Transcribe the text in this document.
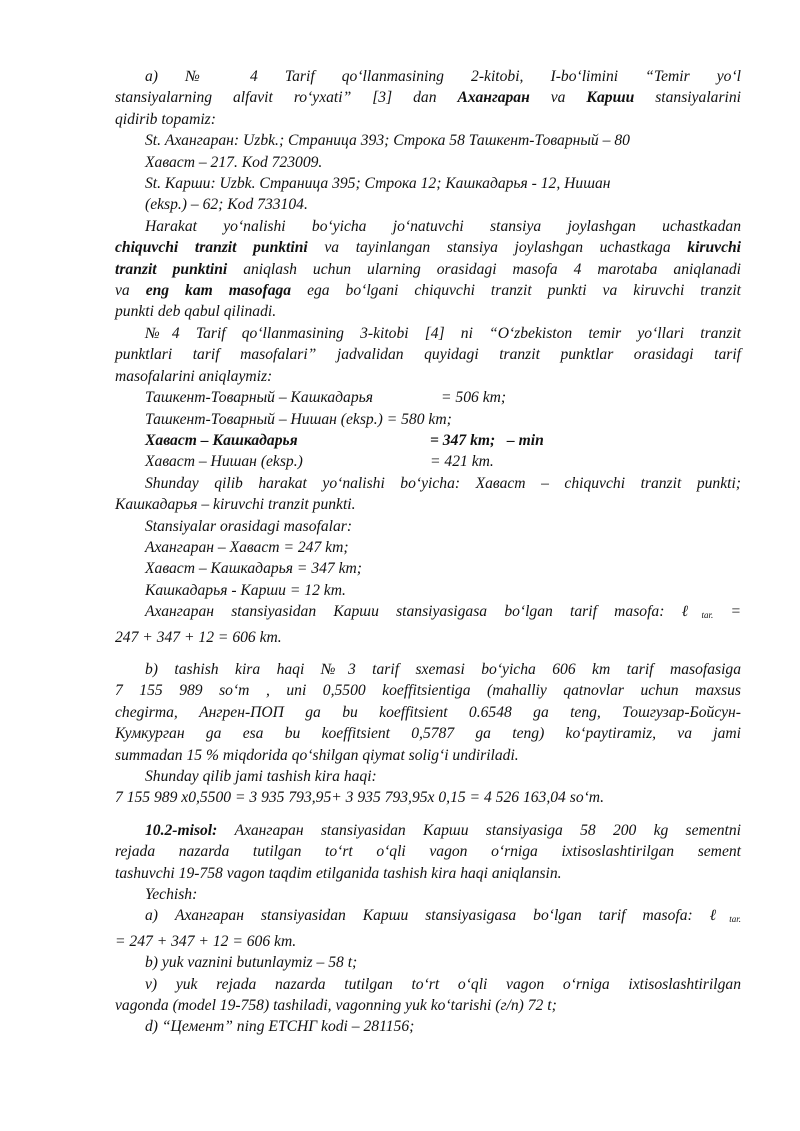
a) № 4 Tarif qo‘llanmasining 2-kitobi, I-bo‘limini “Temir yo‘l

stansiyalarning alfavit ro‘yxati” [3] dan Ахангаран va Карши stansiyalarini

qidirib topamiz:

St. Ахангаран: Uzbk.; Страница 393; Строка 58 Ташкент-Товарный – 80

Хаваст – 217. Kod 723009.

St. Карши: Uzbk. Страница 395; Строка 12; Кашкадарья - 12, Нишан

(eksp.) – 62; Kod 733104.

Harakat yo‘nalishi bo‘yicha jo‘natuvchi stansiya joylashgan uchastkadan

chiquvchi tranzit punktini va tayinlangan stansiya joylashgan uchastkaga kiruvchi

tranzit punktini aniqlash uchun ularning orasidagi masofa 4 marotaba aniqlanadi

va eng kam masofaga ega bo‘lgani chiquvchi tranzit punkti va kiruvchi tranzit

punkti deb qabul qilinadi.

№4 Tarif qo‘llanmasining 3-kitobi [4] ni “O‘zbekiston temir yo‘llari tranzit

punktlari tarif masofalari” jadvalidan quyidagi tranzit punktlar orasidagi tarif

masofalarini aniqlaymiz:

Ташкент-Товарный – Кашкадарья	= 506 km;

Ташкент-Товарный – Нишан (eksp.) = 580 km;

Хаваст – Кашкадарья	= 347 km; – min

Хаваст – Нишан (eksp.)	= 421 km.

Shunday qilib harakat yo‘nalishi bo‘yicha: Хаваст – chiquvchi tranzit punkti;

Кашкадарья – kiruvchi tranzit punkti.

Stansiyalar orasidagi masofalar:

Ахангаран – Хаваст = 247 km;

Хаваст – Кашкадарья = 347 km;

Кашкадарья - Карши = 12 km.

Ахангаран stansiyasidan Карши stansiyasigasa bo‘lgan tarif masofa: ℓ$_{tar.}$ =

247 + 347 + 12 = 606 km.

b) tashish kira haqi №3 tarif sxemasi bo‘yicha 606 km tarif masofasiga

7 155 989 so‘m , uni 0,5500 koeffitsientiga (mahalliy qatnovlar uchun maxsus

chegirma, Ангрен-ПОП ga bu koeffitsient 0.6548 ga teng, Тошгузар-Бойсун-

Кумкурган ga esa bu koeffitsient 0,5787 ga teng) ko‘paytiramiz, va jami

summadan 15 % miqdorida qo‘shilgan qiymat solig‘i undiriladi.

Shunday qilib jami tashish kira haqi:

7 155 989 x0,5500 = 3 935 793,95+ 3 935 793,95x 0,15 = 4 526 163,04 so‘m.

10.2-misol: Ахангаран stansiyasidan Карши stansiyasiga 58 200 kg sementni

rejada nazarda tutilgan to‘rt o‘qli vagon o‘rniga ixtisoslashtirilgan sement

tashuvchi 19-758 vagon taqdim etilganida tashish kira haqi aniqlansin.

Yechish:

a) Ахангаран stansiyasidan Карши stansiyasigasa bo‘lgan tarif masofa: ℓ$_{tar.}$

= 247 + 347 + 12 = 606 km.

b) yuk vaznini butunlaymiz – 58 t;

v) yuk rejada nazarda tutilgan to‘rt o‘qli vagon o‘rniga ixtisoslashtirilgan

vagonda (model 19-758) tashiladi, vagonning yuk ko‘tarishi (г/п) 72 t;

d) “Цемент” ning ЕТСНГ kodi – 281156;
